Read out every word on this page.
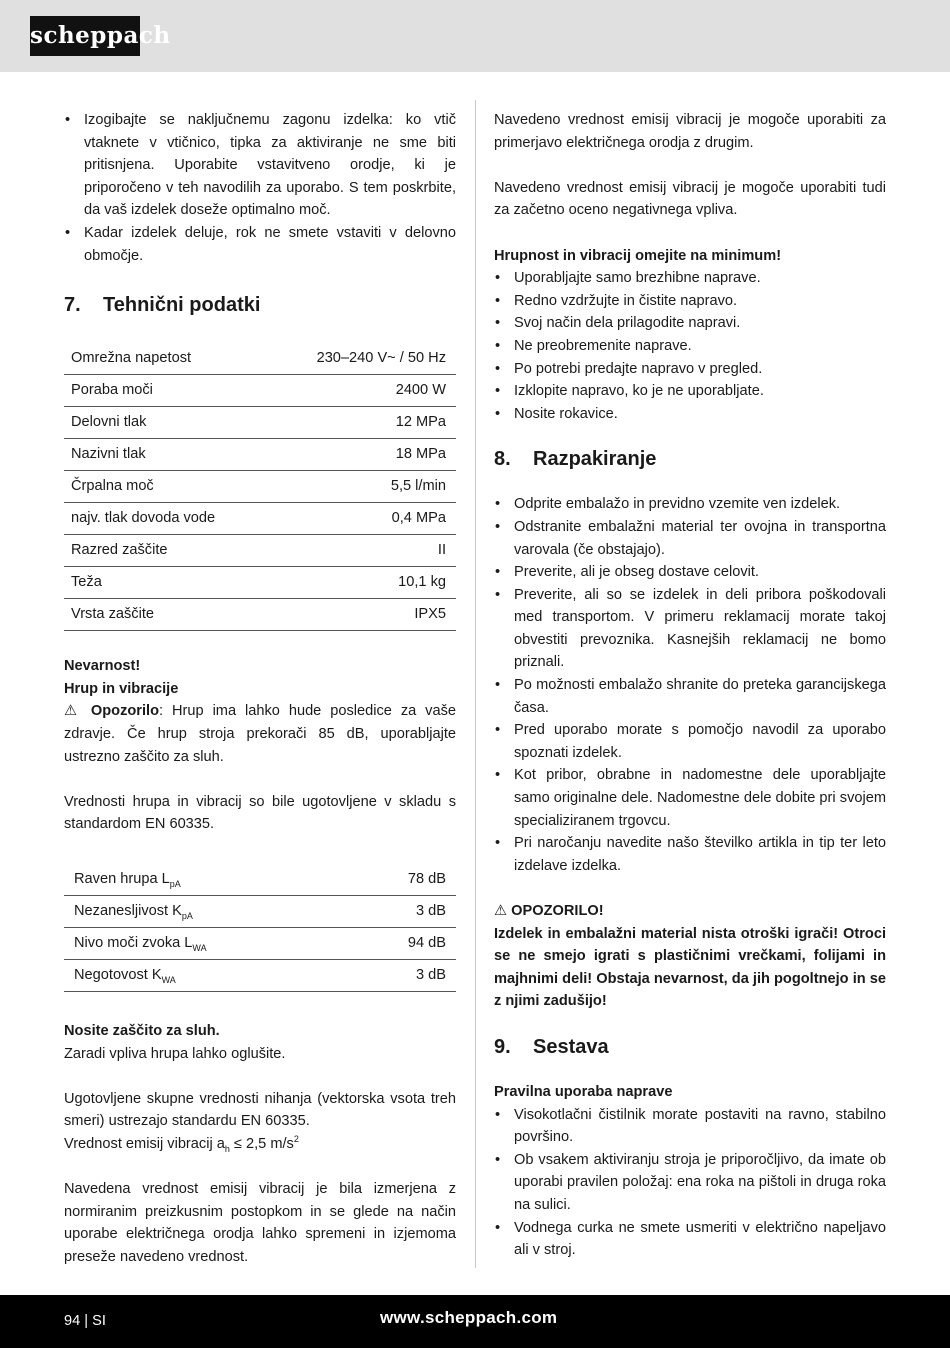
scheppach
• Izogibajte se naključnemu zagonu izdelka: ko vtič vtaknete v vtičnico, tipka za aktiviranje ne sme biti pritisnjena. Uporabite vstavitveno orodje, ki je priporočeno v teh navodilih za uporabo. S tem poskrbite, da vaš izdelek doseže optimalno moč.
• Kadar izdelek deluje, rok ne smete vstaviti v delovno območje.
7. Tehnični podatki
Omrežna napetost	230–240 V~ / 50 Hz
Poraba moči	2400 W
Delovni tlak	12 MPa
Nazivni tlak	18 MPa
Črpalna moč	5,5 l/min
najv. tlak dovoda vode	0,4 MPa
Razred zaščite	II
Teža	10,1 kg
Vrsta zaščite	IPX5

Nevarnost!

Hrup in vibracije

⚠ Opozorilo: Hrup ima lahko hude posledice za vaše zdravje. Če hrup stroja prekorači 85 dB, uporabljajte ustrezno zaščito za sluh.

Vrednosti hrupa in vibracij so bile ugotovljene v skladu s standardom EN 60335.

Raven hrupa $L_{pA}$	78 dB
Nezanesljivost $K_{pA}$	3 dB
Nivo moči zvoka $L_{WA}$	94 dB
Negotovost $K_{WA}$	3 dB

Nosite zaščito za sluh.

Zaradi vpliva hrupa lahko oglušite.

Ugotovljene skupne vrednosti nihanja (vektorska vsota treh smeri) ustrezajo standardu EN 60335.

Vrednost emisij vibracij $a_h \le 2,5$ $m/s^2$

Navedena vrednost emisij vibracij je bila izmerjena z normiranim preizkusnim postopkom in se glede na način uporabe električnega orodja lahko spremeni in izjemoma preseže navedeno vrednost.

Navedeno vrednost emisij vibracij je mogoče uporabiti za primerjavo električnega orodja z drugim.

Navedeno vrednost emisij vibracij je mogoče uporabiti tudi za začetno oceno negativnega vpliva.

Hrupnost in vibracij omejite na minimum!

• Uporabljajte samo brezhibne naprave.
• Redno vzdržujte in čistite napravo.
• Svoj način dela prilagodite napravi.
• Ne preobremenite naprave.
• Po potrebi predajte napravo v pregled.
• Izklopite napravo, ko je ne uporabljate.
• Nosite rokavice.
8. Razpakiranje
• Odprite embalažo in previdno vzemite ven izdelek.
• Odstranite embalažni material ter ovojna in transportna varovala (če obstajajo).
• Preverite, ali je obseg dostave celovit.
• Preverite, ali so se izdelek in deli pribora poškodovali med transportom. V primeru reklamacij morate takoj obvestiti prevoznika. Kasnejših reklamacij ne bomo priznali.
• Po možnosti embalažo shranite do preteka garancijskega časa.
• Pred uporabo morate s pomočjo navodil za uporabo spoznati izdelek.
• Kot pribor, obrabne in nadomestne dele uporabljajte samo originalne dele. Nadomestne dele dobite pri svojem specializiranem trgovcu.
• Pri naročanju navedite našo številko artikla in tip ter leto izdelave izdelka.

⚠ OPOZORILO!

Izdelek in embalažni material nista otroški igrači! Otroci se ne smejo igrati s plastičnimi vrečkami, folijami in majhnimi deli! Obstaja nevarnost, da jih pogoltnejo in se z njimi zadušijo!

9. Sestava

Pravilna uporaba naprave

• Visokotlačni čistilnik morate postaviti na ravno, stabilno površino.
• Ob vsakem aktiviranju stroja je priporočljivo, da imate ob uporabi pravilen položaj: ena roka na pištoli in druga roka na sulici.
• Vodnega curka ne smete usmeriti v električno napeljavo ali v stroj.
94 | SI	www.scheppach.com
